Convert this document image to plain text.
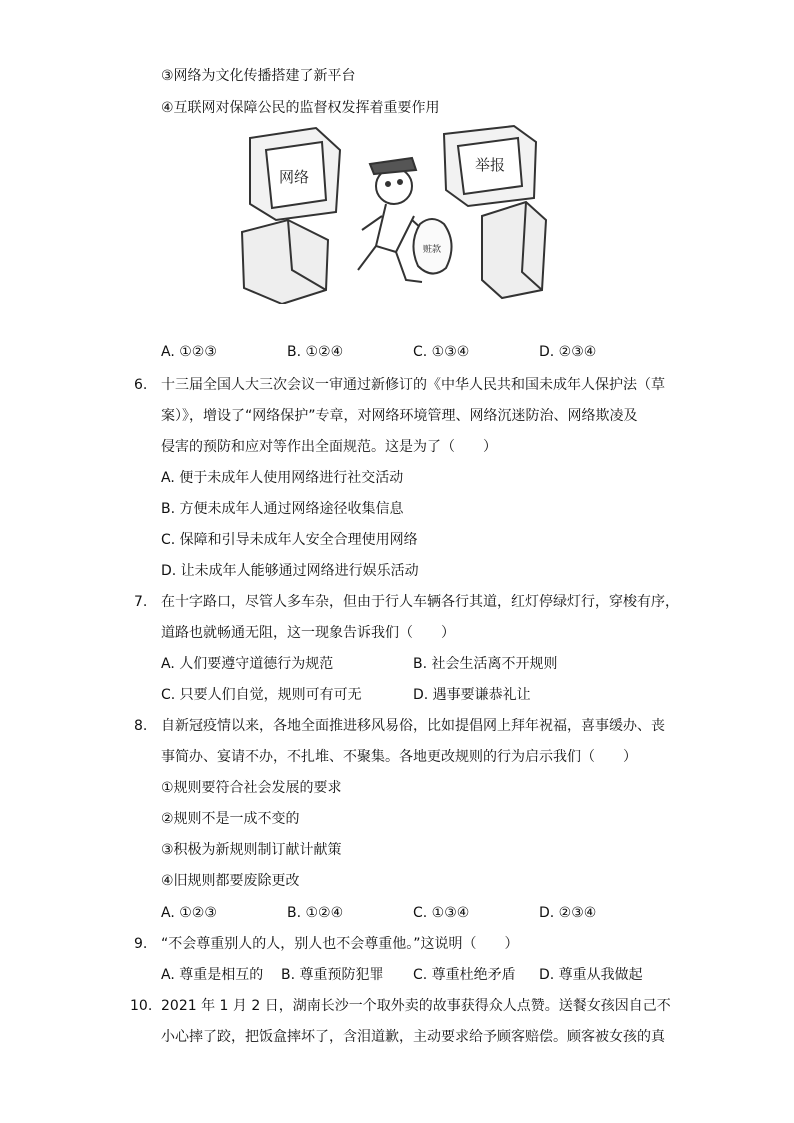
③网络为文化传播搭建了新平台
④互联网对保障公民的监督权发挥着重要作用
网络
举报
赃款
A. ①②③	B. ①②④	C. ①③④	D. ②③④
6. 十三届全国人大三次会议一审通过新修订的《中华人民共和国未成年人保护法（草
案）》，增设了“网络保护”专章，对网络环境管理、网络沉迷防治、网络欺凌及
侵害的预防和应对等作出全面规范。这是为了（　　）
A. 便于未成年人使用网络进行社交活动
B. 方便未成年人通过网络途径收集信息
C. 保障和引导未成年人安全合理使用网络
D. 让未成年人能够通过网络进行娱乐活动
7. 在十字路口，尽管人多车杂，但由于行人车辆各行其道，红灯停绿灯行，穿梭有序，
道路也就畅通无阻，这一现象告诉我们（　　）
A. 人们要遵守道德行为规范	B. 社会生活离不开规则
C. 只要人们自觉，规则可有可无	D. 遇事要谦恭礼让
8. 自新冠疫情以来，各地全面推进移风易俗，比如提倡网上拜年祝福，喜事缓办、丧
事简办、宴请不办，不扎堆、不聚集。各地更改规则的行为启示我们（　　）
①规则要符合社会发展的要求
②规则不是一成不变的
③积极为新规则制订献计献策
④旧规则都要废除更改
A. ①②③	B. ①②④	C. ①③④	D. ②③④
9. “不会尊重别人的人，别人也不会尊重他。”这说明（　　）
A. 尊重是相互的 B. 尊重预防犯罪 C. 尊重杜绝矛盾 D. 尊重从我做起
10. 2021 年 1 月 2 日，湖南长沙一个取外卖的故事获得众人点赞。送餐女孩因自己不
小心摔了跤，把饭盒摔坏了，含泪道歉，主动要求给予顾客赔偿。顾客被女孩的真
